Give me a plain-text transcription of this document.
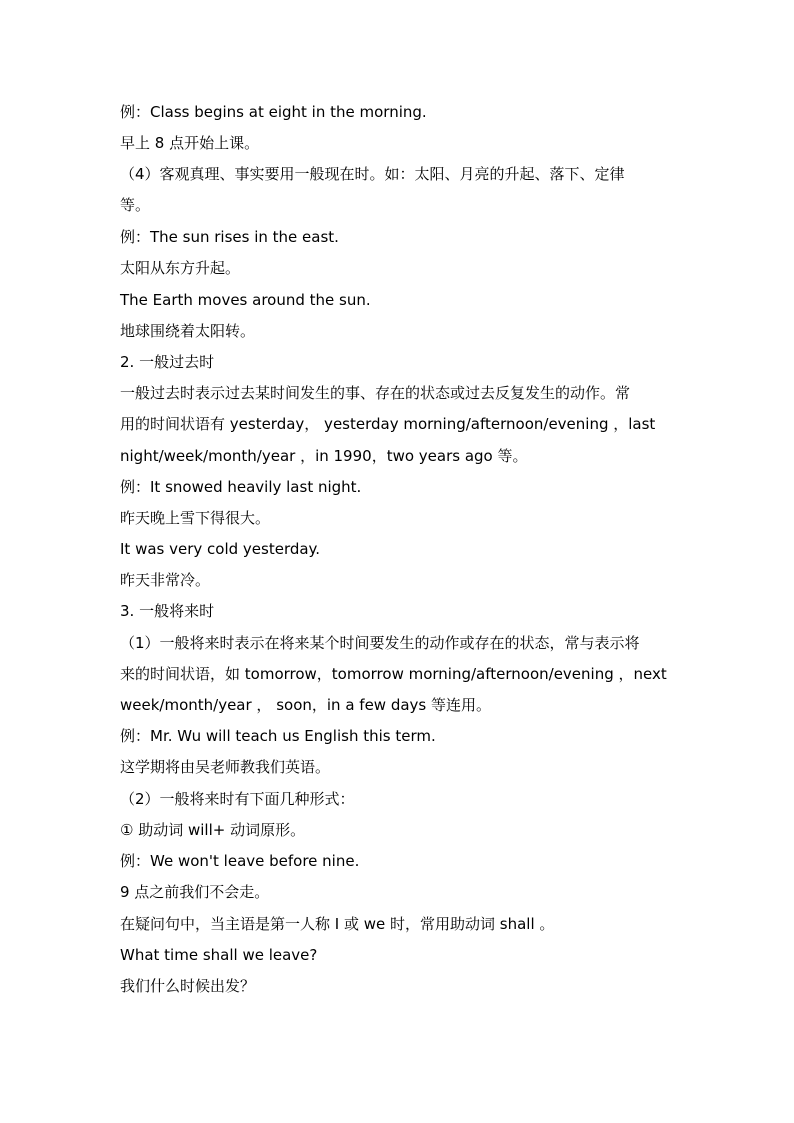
例：Class begins at eight in the morning.
早上 8 点开始上课。
（4）客观真理、事实要用一般现在时。如：太阳、月亮的升起、落下、定律
等。
例：The sun rises in the east.
太阳从东方升起。
The Earth moves around the sun.
地球围绕着太阳转。
2. 一般过去时
一般过去时表示过去某时间发生的事、存在的状态或过去反复发生的动作。常
用的时间状语有 yesterday， yesterday morning/afternoon/evening ，last
night/week/month/year ，in 1990，two years ago 等。
例：It snowed heavily last night.
昨天晚上雪下得很大。
It was very cold yesterday.
昨天非常冷。
3. 一般将来时
（1）一般将来时表示在将来某个时间要发生的动作或存在的状态，常与表示将
来的时间状语，如 tomorrow，tomorrow morning/afternoon/evening ，next
week/month/year ， soon，in a few days 等连用。
例：Mr. Wu will teach us English this term.
这学期将由吴老师教我们英语。
（2）一般将来时有下面几种形式：
① 助动词 will+ 动词原形。
例：We won't leave before nine.
9 点之前我们不会走。
在疑问句中，当主语是第一人称 I 或 we 时，常用助动词 shall 。
What time shall we leave?
我们什么时候出发？
